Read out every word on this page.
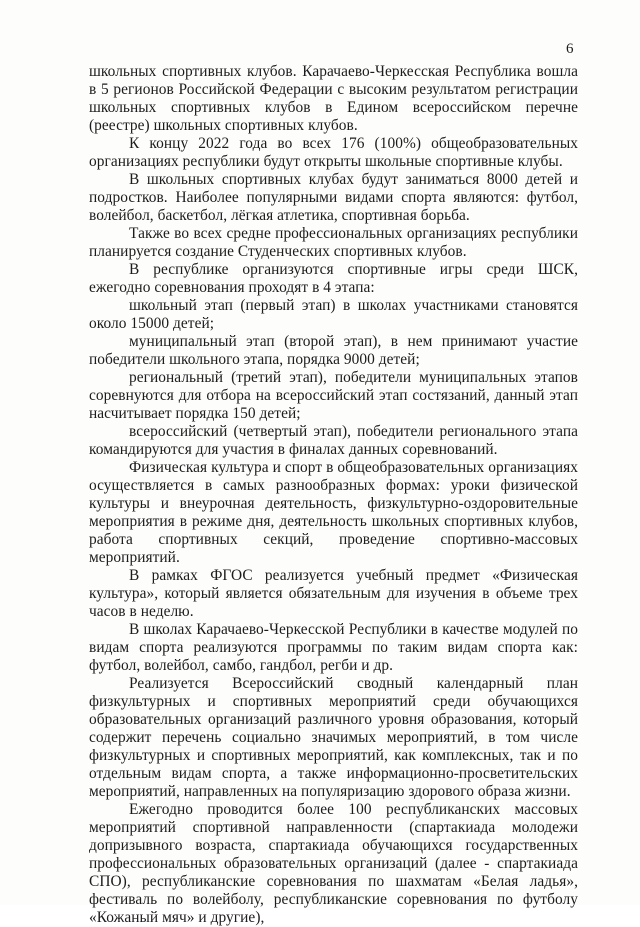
6

школьных спортивных клубов. Карачаево-Черкесская Республика вошла в 5 регионов Российской Федерации с высоким результатом регистрации школьных спортивных клубов в Едином всероссийском перечне (реестре) школьных спортивных клубов.

К концу 2022 года во всех 176 (100%) общеобразовательных организациях республики будут открыты школьные спортивные клубы.

В школьных спортивных клубах будут заниматься 8000 детей и подростков. Наиболее популярными видами спорта являются: футбол, волейбол, баскетбол, лёгкая атлетика, спортивная борьба.

Также во всех средне профессиональных организациях республики планируется создание Студенческих спортивных клубов.

В республике организуются спортивные игры среди ШСК, ежегодно соревнования проходят в 4 этапа:

школьный этап (первый этап) в школах участниками становятся около 15000 детей;

муниципальный этап (второй этап), в нем принимают участие победители школьного этапа, порядка 9000 детей;

региональный (третий этап), победители муниципальных этапов соревнуются для отбора на всероссийский этап состязаний, данный этап насчитывает порядка 150 детей;

всероссийский (четвертый этап), победители регионального этапа командируются для участия в финалах данных соревнований.

Физическая культура и спорт в общеобразовательных организациях осуществляется в самых разнообразных формах: уроки физической культуры и внеурочная деятельность, физкультурно-оздоровительные мероприятия в режиме дня, деятельность школьных спортивных клубов, работа спортивных секций, проведение спортивно-массовых мероприятий.

В рамках ФГОС реализуется учебный предмет «Физическая культура», который является обязательным для изучения в объеме трех часов в неделю.

В школах Карачаево-Черкесской Республики в качестве модулей по видам спорта реализуются программы по таким видам спорта как: футбол, волейбол, самбо, гандбол, регби и др.

Реализуется Всероссийский сводный календарный план физкультурных и спортивных мероприятий среди обучающихся образовательных организаций различного уровня образования, который содержит перечень социально значимых мероприятий, в том числе физкультурных и спортивных мероприятий, как комплексных, так и по отдельным видам спорта, а также информационно-просветительских мероприятий, направленных на популяризацию здорового образа жизни.

Ежегодно проводится более 100 республиканских массовых мероприятий спортивной направленности (спартакиада молодежи допризывного возраста, спартакиада обучающихся государственных профессиональных образовательных организаций (далее - спартакиада СПО), республиканские соревнования по шахматам «Белая ладья», фестиваль по волейболу, республиканские соревнования по футболу «Кожаный мяч» и другие),
